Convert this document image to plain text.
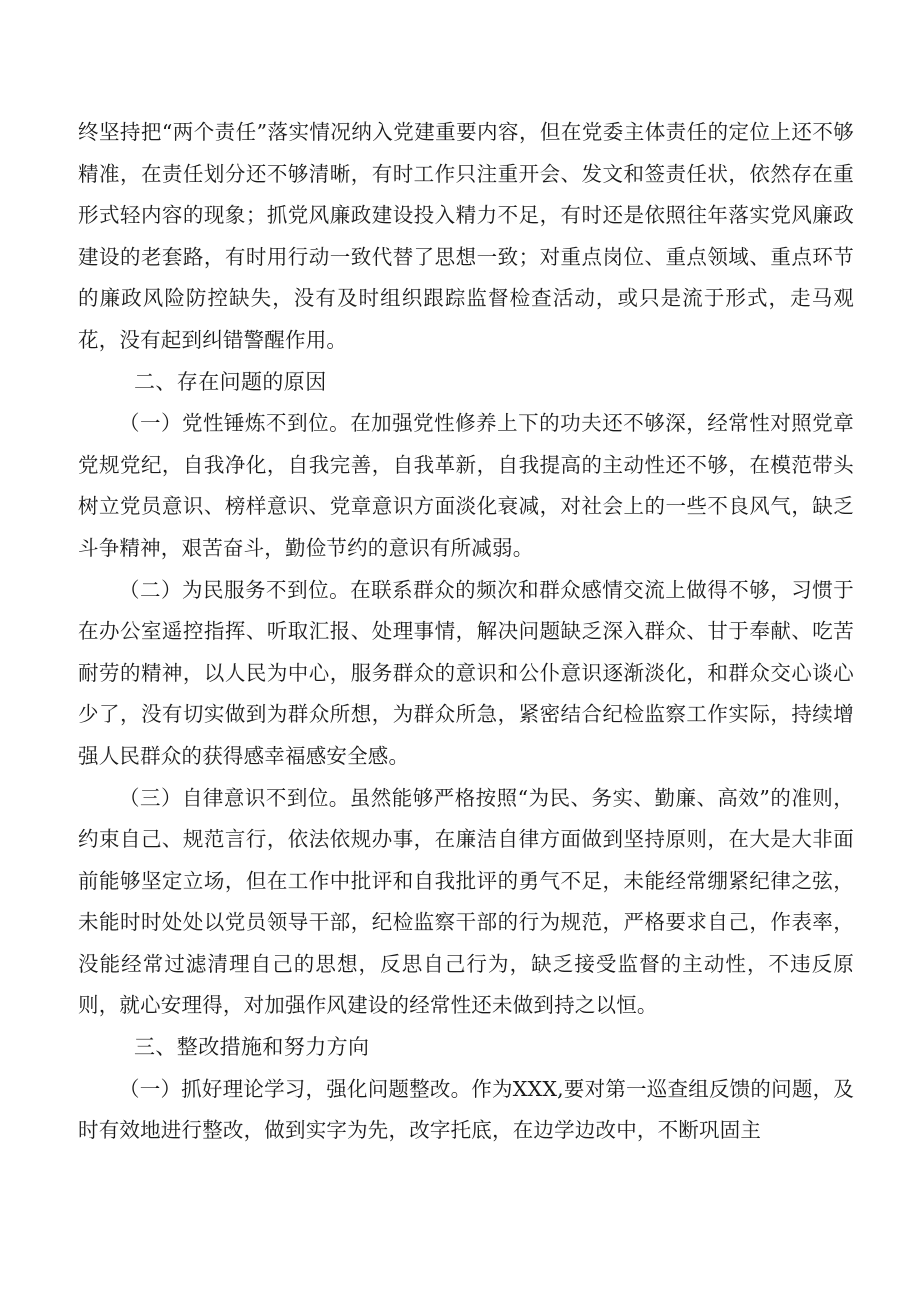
终坚持把“两个责任”落实情况纳入党建重要内容，但在党委主体责任的定位上还不够精准，在责任划分还不够清晰，有时工作只注重开会、发文和签责任状，依然存在重形式轻内容的现象；抓党风廉政建设投入精力不足，有时还是依照往年落实党风廉政建设的老套路，有时用行动一致代替了思想一致；对重点岗位、重点领域、重点环节的廉政风险防控缺失，没有及时组织跟踪监督检查活动，或只是流于形式，走马观花，没有起到纠错警醒作用。

二、存在问题的原因

（一）党性锤炼不到位。在加强党性修养上下的功夫还不够深，经常性对照党章党规党纪，自我净化，自我完善，自我革新，自我提高的主动性还不够，在模范带头树立党员意识、榜样意识、党章意识方面淡化衰减，对社会上的一些不良风气，缺乏斗争精神，艰苦奋斗，勤俭节约的意识有所减弱。

（二）为民服务不到位。在联系群众的频次和群众感情交流上做得不够，习惯于在办公室遥控指挥、听取汇报、处理事情，解决问题缺乏深入群众、甘于奉献、吃苦耐劳的精神，以人民为中心，服务群众的意识和公仆意识逐渐淡化，和群众交心谈心少了，没有切实做到为群众所想，为群众所急，紧密结合纪检监察工作实际，持续增强人民群众的获得感幸福感安全感。

（三）自律意识不到位。虽然能够严格按照“为民、务实、勤廉、高效”的准则，约束自己、规范言行，依法依规办事，在廉洁自律方面做到坚持原则，在大是大非面前能够坚定立场，但在工作中批评和自我批评的勇气不足，未能经常绷紧纪律之弦，未能时时处处以党员领导干部，纪检监察干部的行为规范，严格要求自己，作表率，没能经常过滤清理自己的思想，反思自己行为，缺乏接受监督的主动性，不违反原则，就心安理得，对加强作风建设的经常性还未做到持之以恒。

三、整改措施和努力方向

（一）抓好理论学习，强化问题整改。作为XXX,要对第一巡查组反馈的问题，及时有效地进行整改，做到实字为先，改字托底，在边学边改中，不断巩固主
